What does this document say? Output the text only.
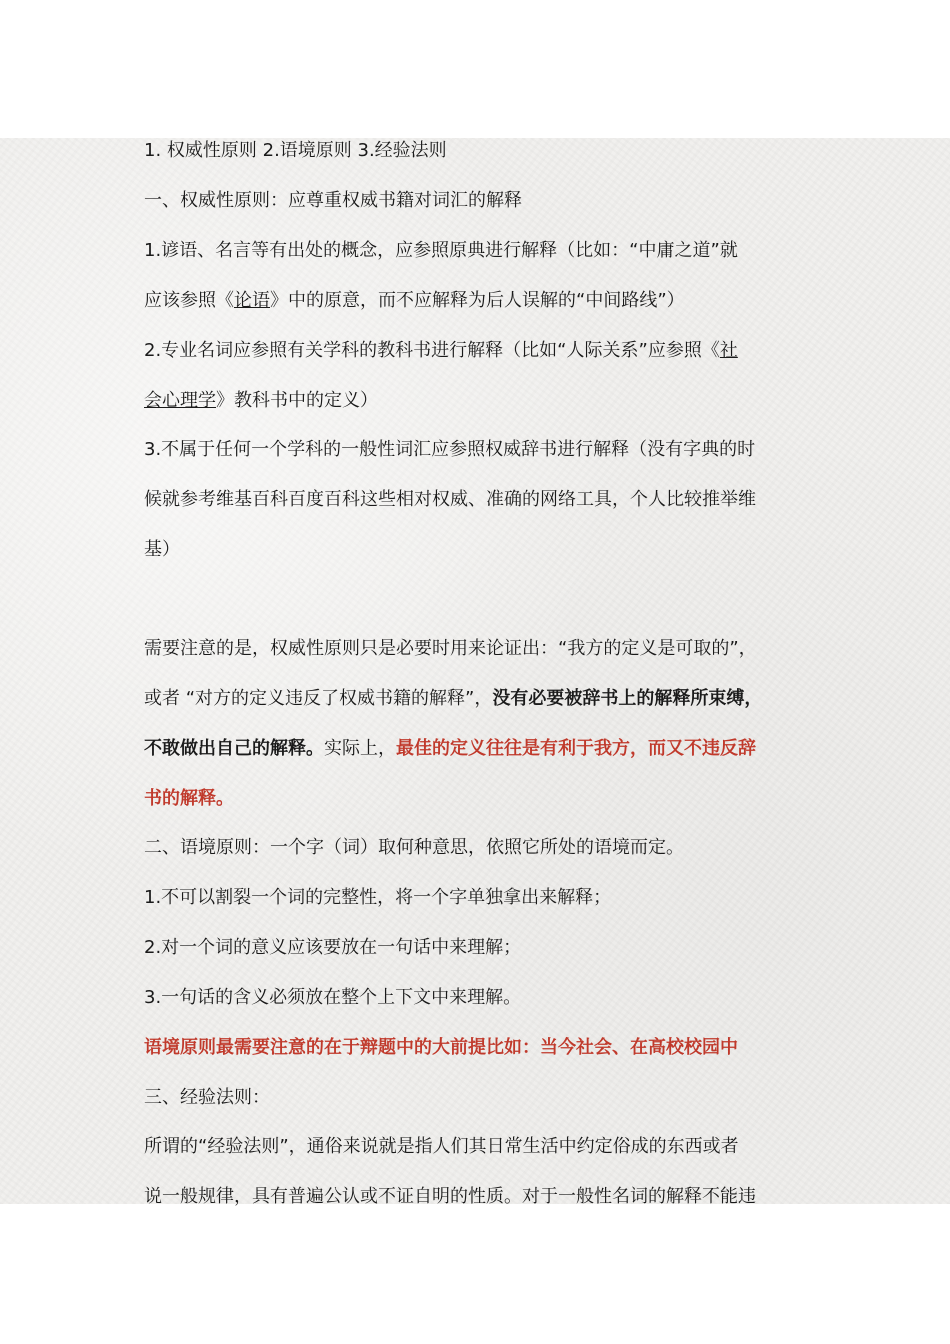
1. 权威性原则 2.语境原则 3.经验法则
一、权威性原则：应尊重权威书籍对词汇的解释
1.谚语、名言等有出处的概念，应参照原典进行解释（比如：“中庸之道”就
应该参照《论语》中的原意，而不应解释为后人误解的“中间路线”）
2.专业名词应参照有关学科的教科书进行解释（比如“人际关系”应参照《社
会心理学》教科书中的定义）
3.不属于任何一个学科的一般性词汇应参照权威辞书进行解释（没有字典的时
候就参考维基百科百度百科这些相对权威、准确的网络工具，个人比较推举维
基）
需要注意的是，权威性原则只是必要时用来论证出：“我方的定义是可取的”，
或者 “对方的定义违反了权威书籍的解释”，没有必要被辞书上的解释所束缚，
不敢做出自己的解释。实际上，最佳的定义往往是有利于我方，而又不违反辞
书的解释。
二、语境原则：一个字（词）取何种意思，依照它所处的语境而定。
1.不可以割裂一个词的完整性，将一个字单独拿出来解释；
2.对一个词的意义应该要放在一句话中来理解；
3.一句话的含义必须放在整个上下文中来理解。
语境原则最需要注意的在于辩题中的大前提比如：当今社会、在高校校园中
三、经验法则：
所谓的“经验法则”，通俗来说就是指人们其日常生活中约定俗成的东西或者
说一般规律，具有普遍公认或不证自明的性质。对于一般性名词的解释不能违
